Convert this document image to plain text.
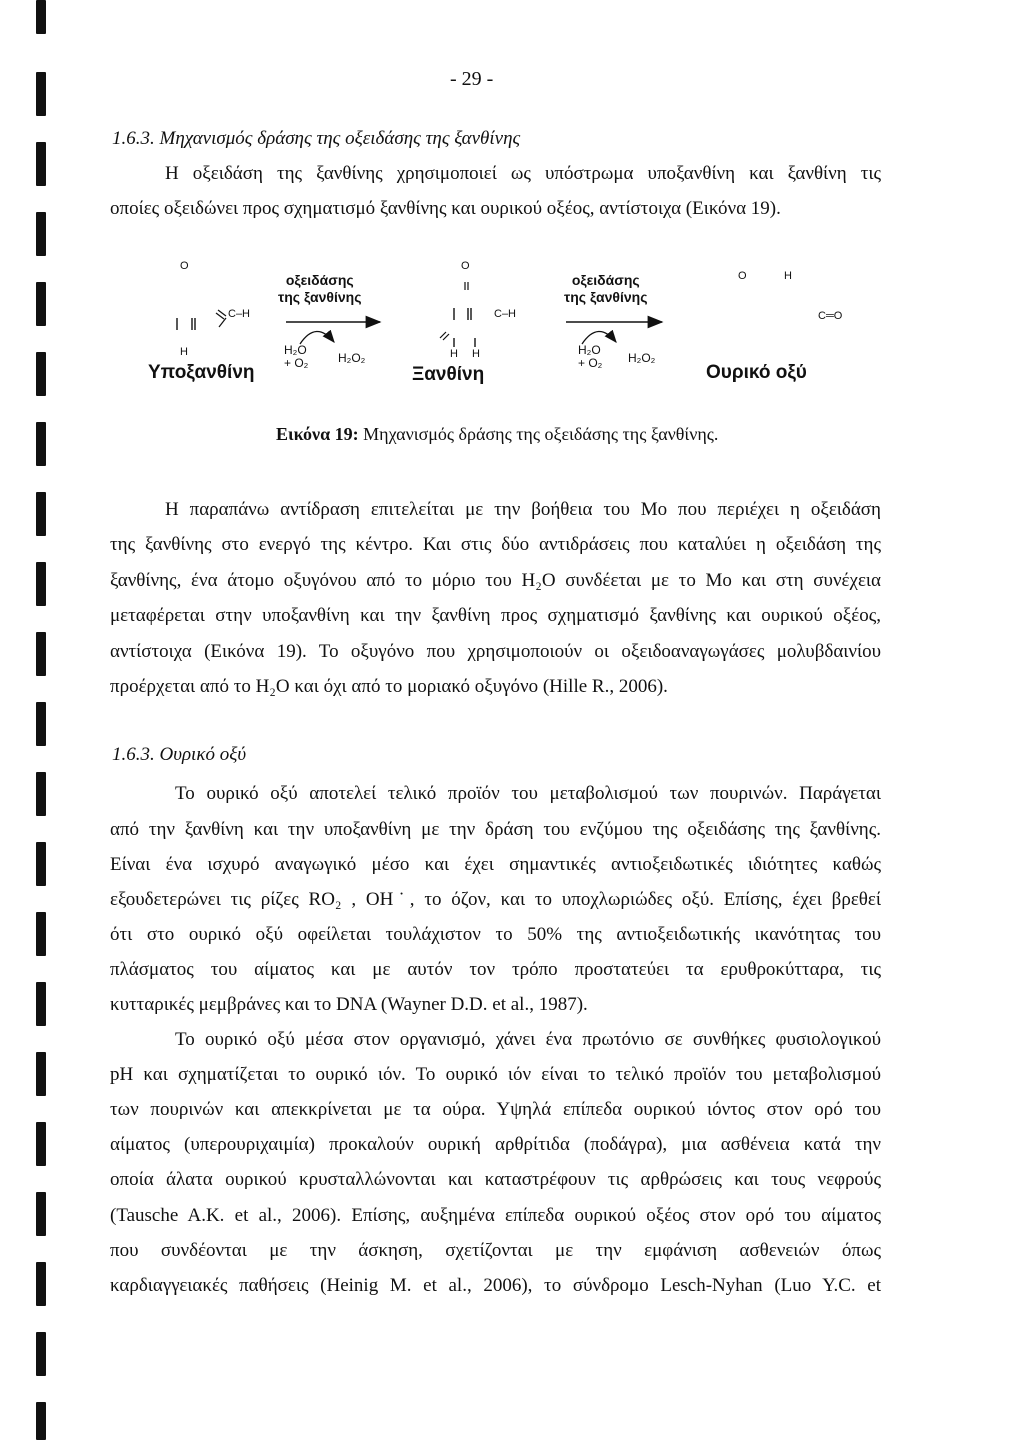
- 29 -
1.6.3. Μηχανισμός δράσης της οξειδάσης της ξανθίνης
Η οξειδάση της ξανθίνης χρησιμοποιεί ως υπόστρωμα υποξανθίνη και ξανθίνη τις
οποίες οξειδώνει προς σχηματισμό ξανθίνης και ουρικού οξέος, αντίστοιχα (Εικόνα 19).
O
C–H
H
O
C–H
H H
O	H
C═O
οξειδάσης
της ξανθίνης
οξειδάσης
της ξανθίνης
H₂O
+ O₂ H₂O₂
H₂O
+ O₂ H₂O₂
Υποξανθίνη	Ξανθίνη	Ουρικό οξύ
Εικόνα 19: Μηχανισμός δράσης της οξειδάσης της ξανθίνης.
Η παραπάνω αντίδραση επιτελείται με την βοήθεια του Mo που περιέχει η οξειδάση
της ξανθίνης στο ενεργό της κέντρο. Και στις δύο αντιδράσεις που καταλύει η οξειδάση της
ξανθίνης, ένα άτομο οξυγόνου από το μόριο του H₂O συνδέεται με το Mo και στη συνέχεια
μεταφέρεται στην υποξανθίνη και την ξανθίνη προς σχηματισμό ξανθίνης και ουρικού οξέος,
αντίστοιχα (Εικόνα 19). Το οξυγόνο που χρησιμοποιούν οι οξειδοαναγωγάσες μολυβδαινίου
προέρχεται από το H₂O και όχι από το μοριακό οξυγόνο (Hille R., 2006).
1.6.3. Ουρικό οξύ
Το ουρικό οξύ αποτελεί τελικό προϊόν του μεταβολισμού των πουρινών. Παράγεται
από την ξανθίνη και την υποξανθίνη με την δράση του ενζύμου της οξειδάσης της ξανθίνης.
Είναι ένα ισχυρό αναγωγικό μέσο και έχει σημαντικές αντιοξειδωτικές ιδιότητες καθώς
εξουδετερώνει τις ρίζες RO₂ , OH˙, το όζον, και το υποχλωριώδες οξύ. Επίσης, έχει βρεθεί
ότι στο ουρικό οξύ οφείλεται τουλάχιστον το 50% της αντιοξειδωτικής ικανότητας του
πλάσματος του αίματος και με αυτόν τον τρόπο προστατεύει τα ερυθροκύτταρα, τις
κυτταρικές μεμβράνες και το DNA (Wayner D.D. et al., 1987).
Το ουρικό οξύ μέσα στον οργανισμό, χάνει ένα πρωτόνιο σε συνθήκες φυσιολογικού
pH και σχηματίζεται το ουρικό ιόν. Το ουρικό ιόν είναι το τελικό προϊόν του μεταβολισμού
των πουρινών και απεκκρίνεται με τα ούρα. Υψηλά επίπεδα ουρικού ιόντος στον ορό του
αίματος (υπερουριχαιμία) προκαλούν ουρική αρθρίτιδα (ποδάγρα), μια ασθένεια κατά την
οποία άλατα ουρικού κρυσταλλώνονται και καταστρέφουν τις αρθρώσεις και τους νεφρούς
(Tausche A.K. et al., 2006). Επίσης, αυξημένα επίπεδα ουρικού οξέος στον ορό του αίματος
που συνδέονται με την άσκηση, σχετίζονται με την εμφάνιση ασθενειών όπως
καρδιαγγειακές παθήσεις (Heinig M. et al., 2006), το σύνδρομο Lesch-Nyhan (Luo Y.C. et
